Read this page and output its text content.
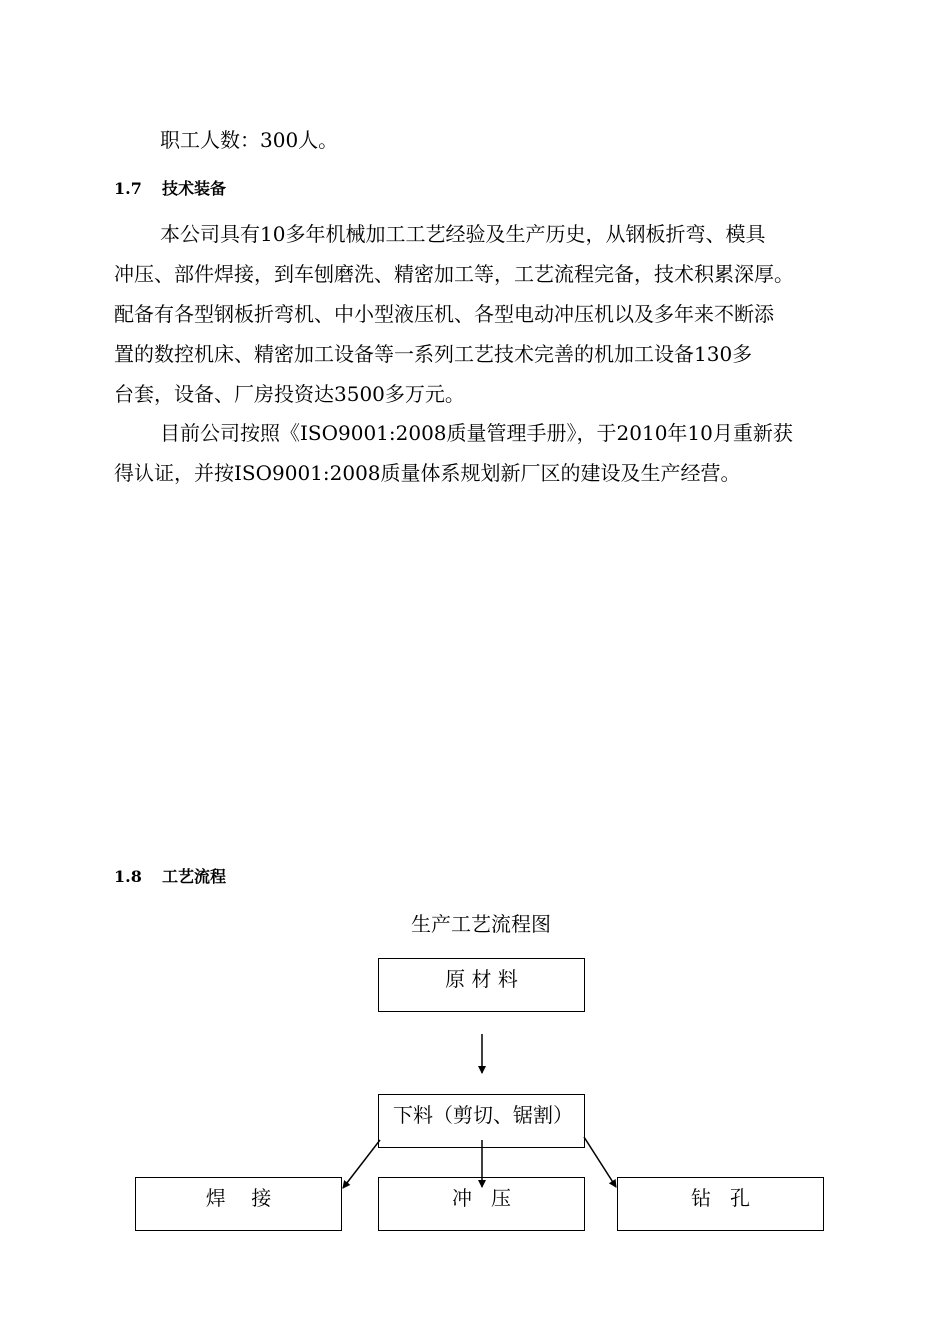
职工人数：300人。
1.7 技术装备

本公司具有10多年机械加工工艺经验及生产历史，从钢板折弯、模具

冲压、部件焊接，到车刨磨洗、精密加工等，工艺流程完备，技术积累深厚。

配备有各型钢板折弯机、中小型液压机、各型电动冲压机以及多年来不断添

置的数控机床、精密加工设备等一系列工艺技术完善的机加工设备130多

台套，设备、厂房投资达3500多万元。

目前公司按照《ISO9001:2008质量管理手册》，于2010年10月重新获

得认证，并按ISO9001:2008质量体系规划新厂区的建设及生产经营。

1.8 工艺流程
生产工艺流程图
原 材 料
下料（剪切、锯割）
焊    接	冲   压	钻   孔
